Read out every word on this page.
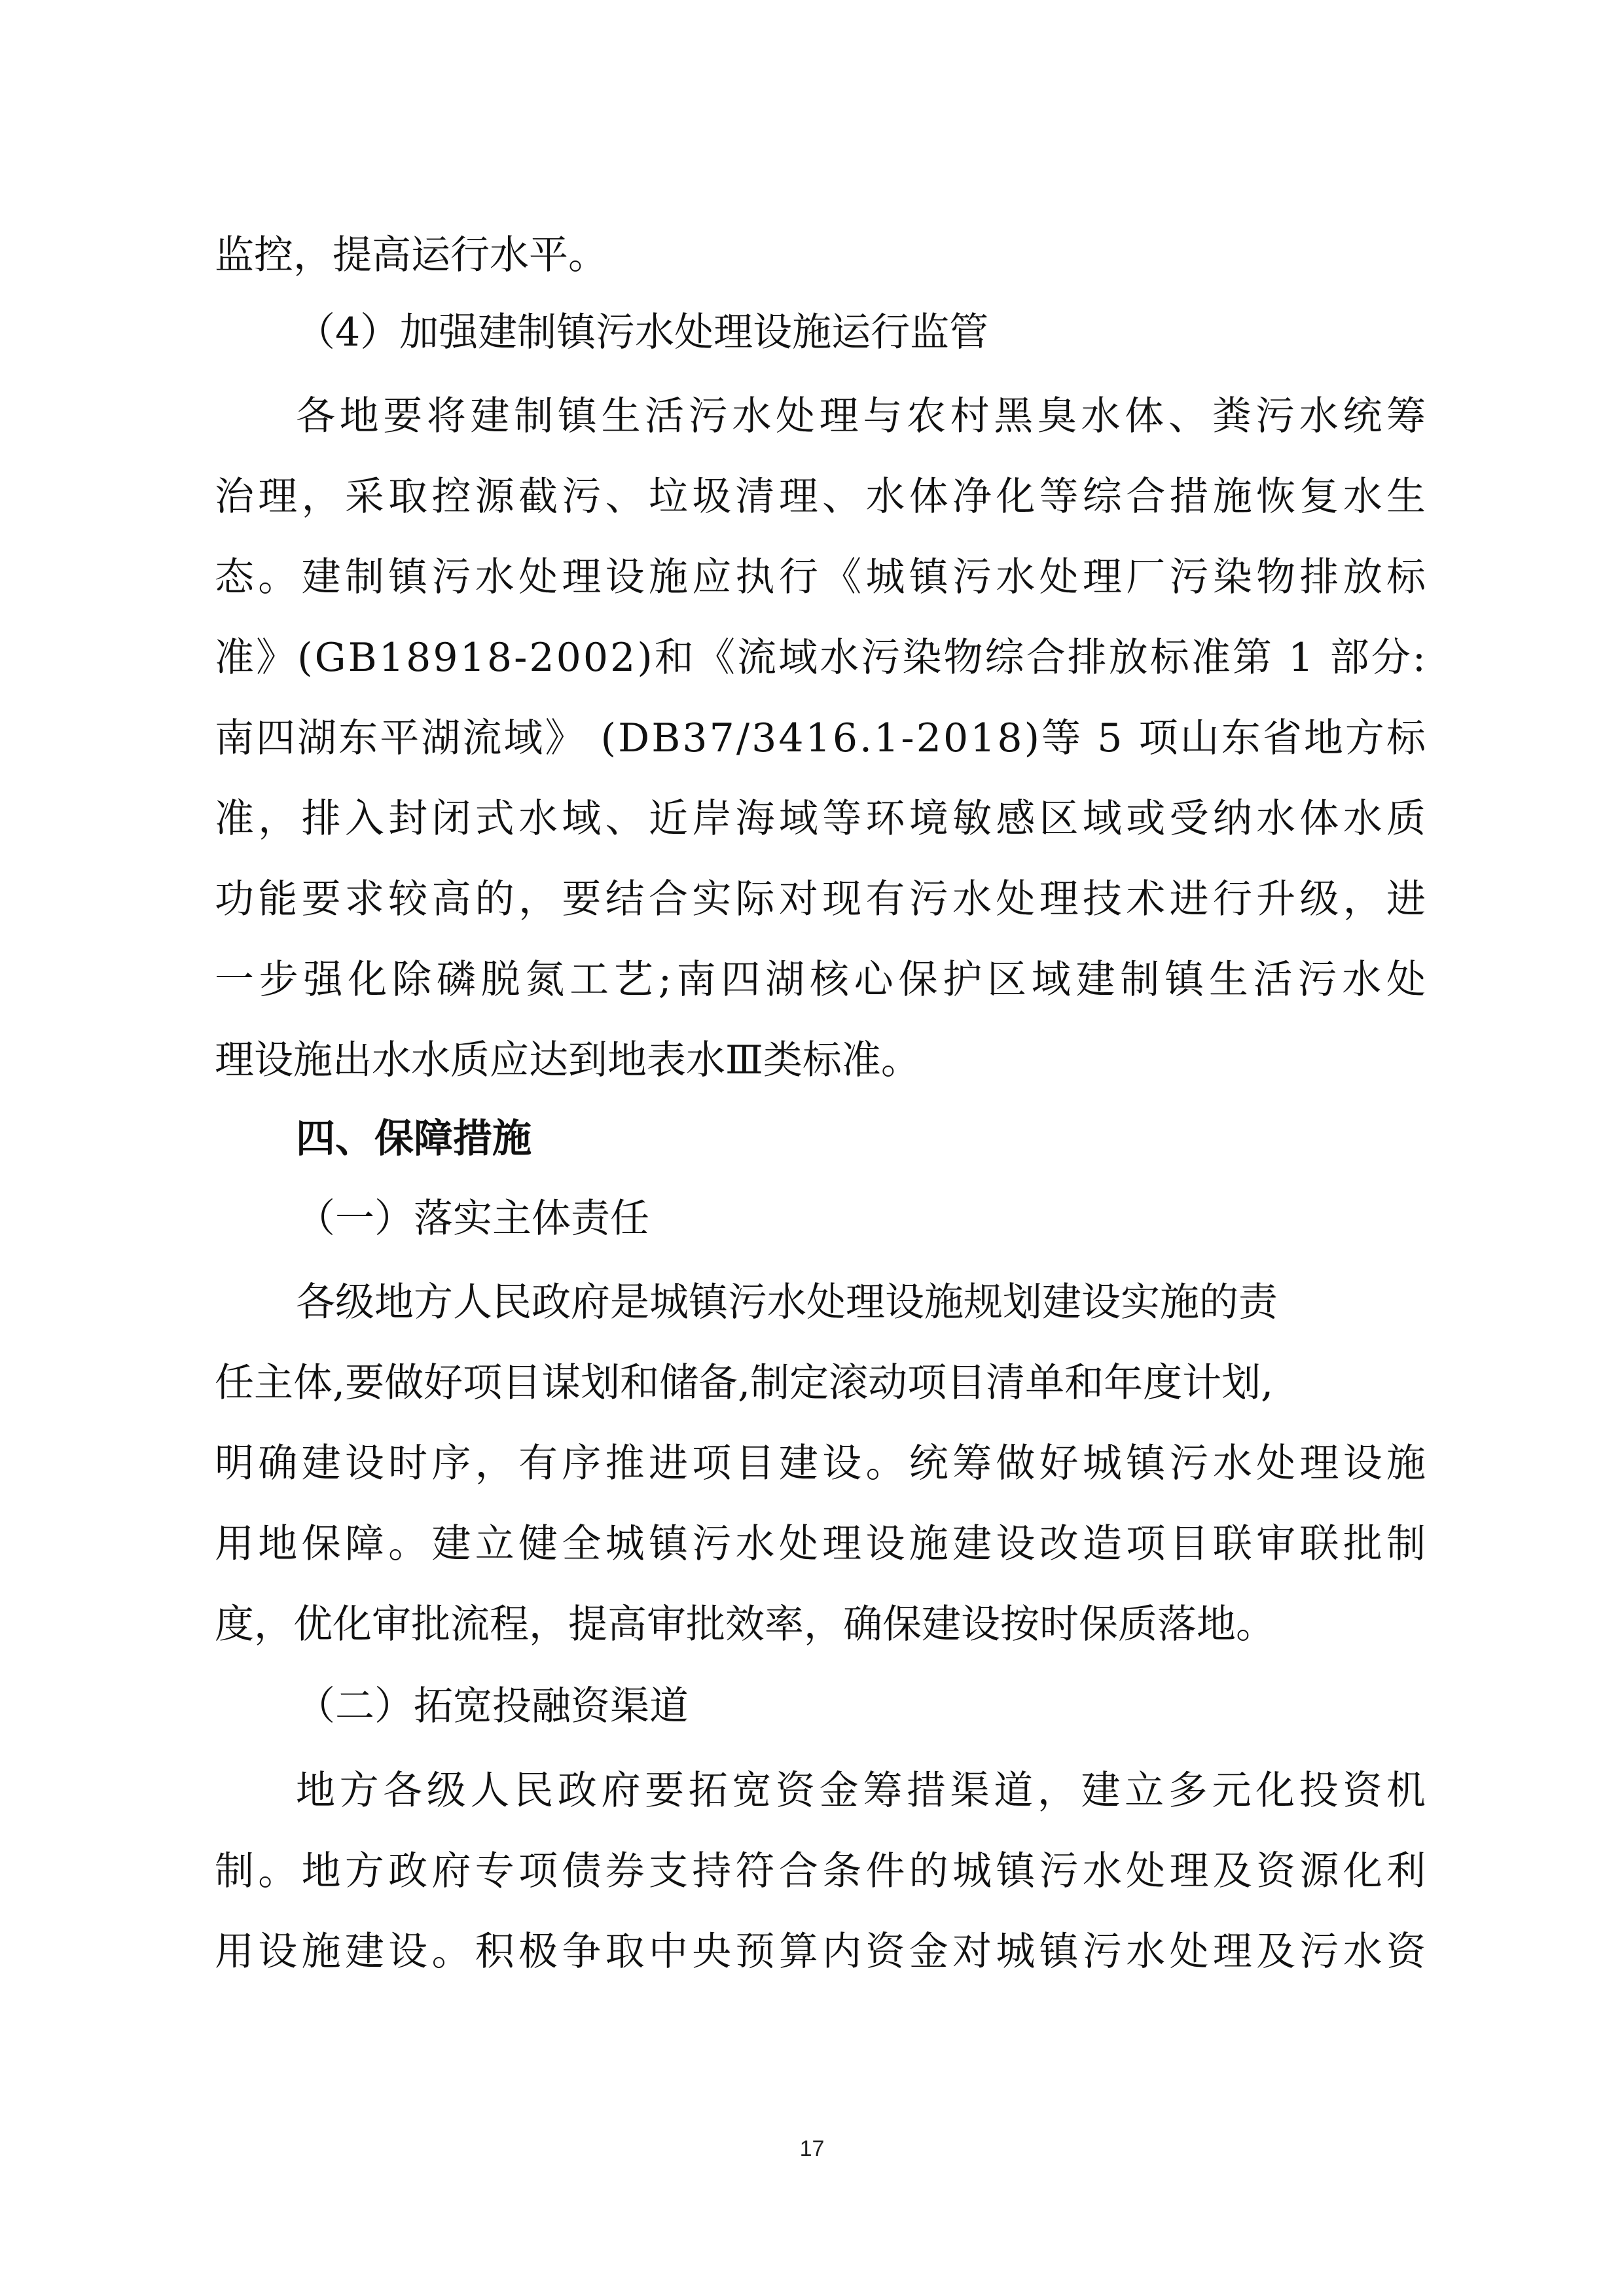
监控，提高运行水平。
（4）加强建制镇污水处理设施运行监管
各地要将建制镇生活污水处理与农村黑臭水体、粪污水统筹
治理，采取控源截污、垃圾清理、水体净化等综合措施恢复水生
态。建制镇污水处理设施应执行《城镇污水处理厂污染物排放标
准》(GB18918-2002)和《流域水污染物综合排放标准第 1 部分:
南四湖东平湖流域》 (DB37/3416.1-2018)等 5 项山东省地方标
准，排入封闭式水域、近岸海域等环境敏感区域或受纳水体水质
功能要求较高的，要结合实际对现有污水处理技术进行升级，进
一步强化除磷脱氮工艺;南四湖核心保护区域建制镇生活污水处
理设施出水水质应达到地表水Ⅲ类标准。
四、保障措施
（一）落实主体责任
各级地方人民政府是城镇污水处理设施规划建设实施的责
任主体,要做好项目谋划和储备,制定滚动项目清单和年度计划,
明确建设时序，有序推进项目建设。统筹做好城镇污水处理设施
用地保障。建立健全城镇污水处理设施建设改造项目联审联批制
度，优化审批流程，提高审批效率，确保建设按时保质落地。
（二）拓宽投融资渠道
地方各级人民政府要拓宽资金筹措渠道，建立多元化投资机
制。地方政府专项债券支持符合条件的城镇污水处理及资源化利
用设施建设。积极争取中央预算内资金对城镇污水处理及污水资
17
